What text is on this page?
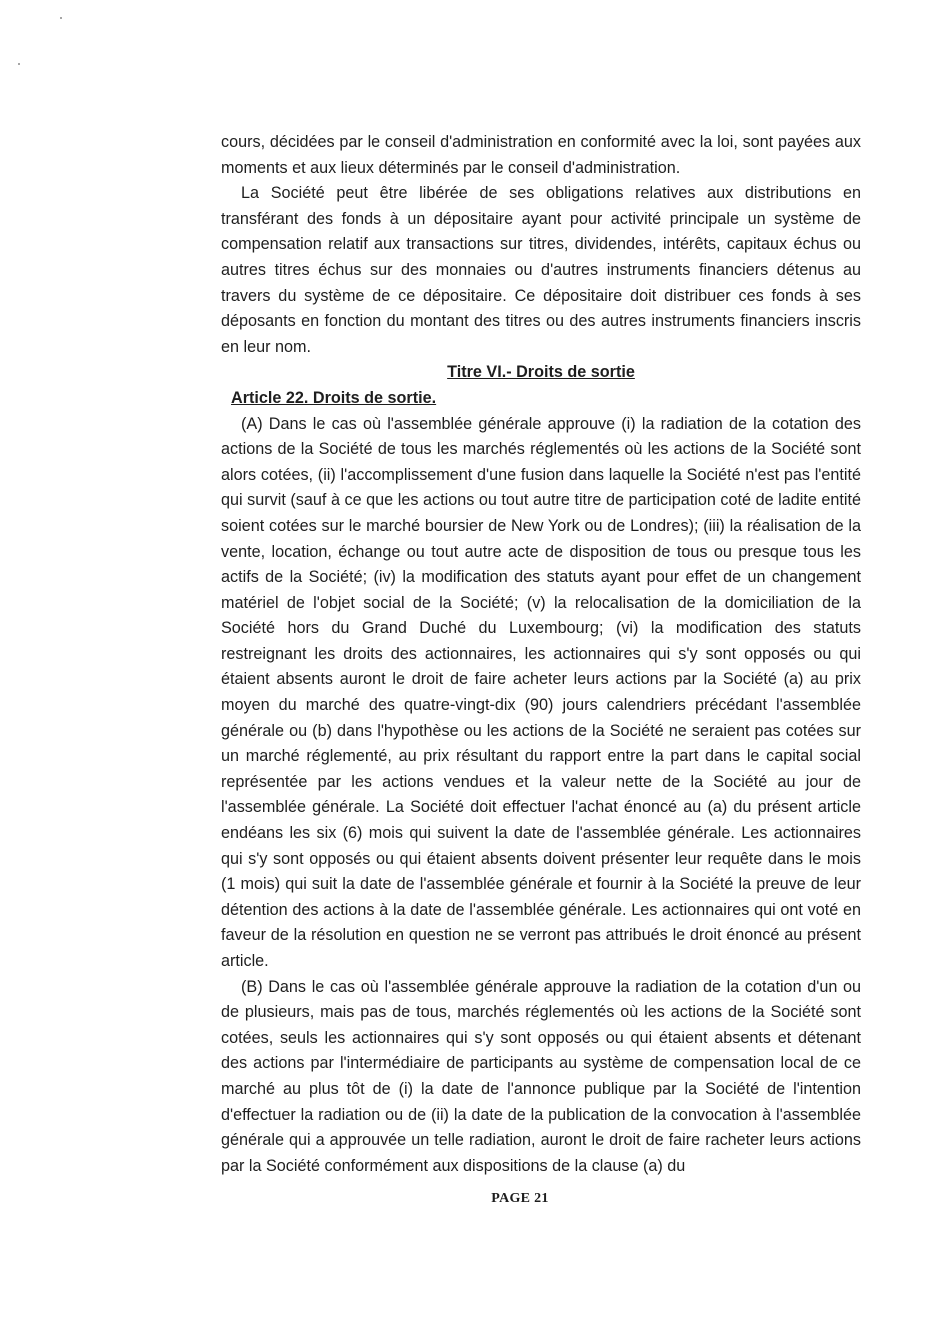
cours, décidées par le conseil d'administration en conformité avec la loi, sont payées aux moments et aux lieux déterminés par le conseil d'administration.

La Société peut être libérée de ses obligations relatives aux distributions en transférant des fonds à un dépositaire ayant pour activité principale un système de compensation relatif aux transactions sur titres, dividendes, intérêts, capitaux échus ou autres titres échus sur des monnaies ou d'autres instruments financiers détenus au travers du système de ce dépositaire. Ce dépositaire doit distribuer ces fonds à ses déposants en fonction du montant des titres ou des autres instruments financiers inscris en leur nom.

Titre VI.- Droits de sortie

Article 22. Droits de sortie.

(A) Dans le cas où l'assemblée générale approuve (i) la radiation de la cotation des actions de la Société de tous les marchés réglementés où les actions de la Société sont alors cotées, (ii) l'accomplissement d'une fusion dans laquelle la Société n'est pas l'entité qui survit (sauf à ce que les actions ou tout autre titre de participation coté de ladite entité soient cotées sur le marché boursier de New York ou de Londres); (iii) la réalisation de la vente, location, échange ou tout autre acte de disposition de tous ou presque tous les actifs de la Société; (iv) la modification des statuts ayant pour effet de un changement matériel de l'objet social de la Société; (v) la relocalisation de la domiciliation de la Société hors du Grand Duché du Luxembourg; (vi) la modification des statuts restreignant les droits des actionnaires, les actionnaires qui s'y sont opposés ou qui étaient absents auront le droit de faire acheter leurs actions par la Société (a) au prix moyen du marché des quatre-vingt-dix (90) jours calendriers précédant l'assemblée générale ou (b) dans l'hypothèse ou les actions de la Société ne seraient pas cotées sur un marché réglementé, au prix résultant du rapport entre la part dans le capital social représentée par les actions vendues et la valeur nette de la Société au jour de l'assemblée générale. La Société doit effectuer l'achat énoncé au (a) du présent article endéans les six (6) mois qui suivent la date de l'assemblée générale. Les actionnaires qui s'y sont opposés ou qui étaient absents doivent présenter leur requête dans le mois (1 mois) qui suit la date de l'assemblée générale et fournir à la Société la preuve de leur détention des actions à la date de l'assemblée générale. Les actionnaires qui ont voté en faveur de la résolution en question ne se verront pas attribués le droit énoncé au présent article.

(B) Dans le cas où l'assemblée générale approuve la radiation de la cotation d'un ou de plusieurs, mais pas de tous, marchés réglementés où les actions de la Société sont cotées, seuls les actionnaires qui s'y sont opposés ou qui étaient absents et détenant des actions par l'intermédiaire de participants au système de compensation local de ce marché au plus tôt de (i) la date de l'annonce publique par la Société de l'intention d'effectuer la radiation ou de (ii) la date de la publication de la convocation à l'assemblée générale qui a approuvée un telle radiation, auront le droit de faire racheter leurs actions par la Société conformément aux dispositions de la clause (a) du

PAGE 21
